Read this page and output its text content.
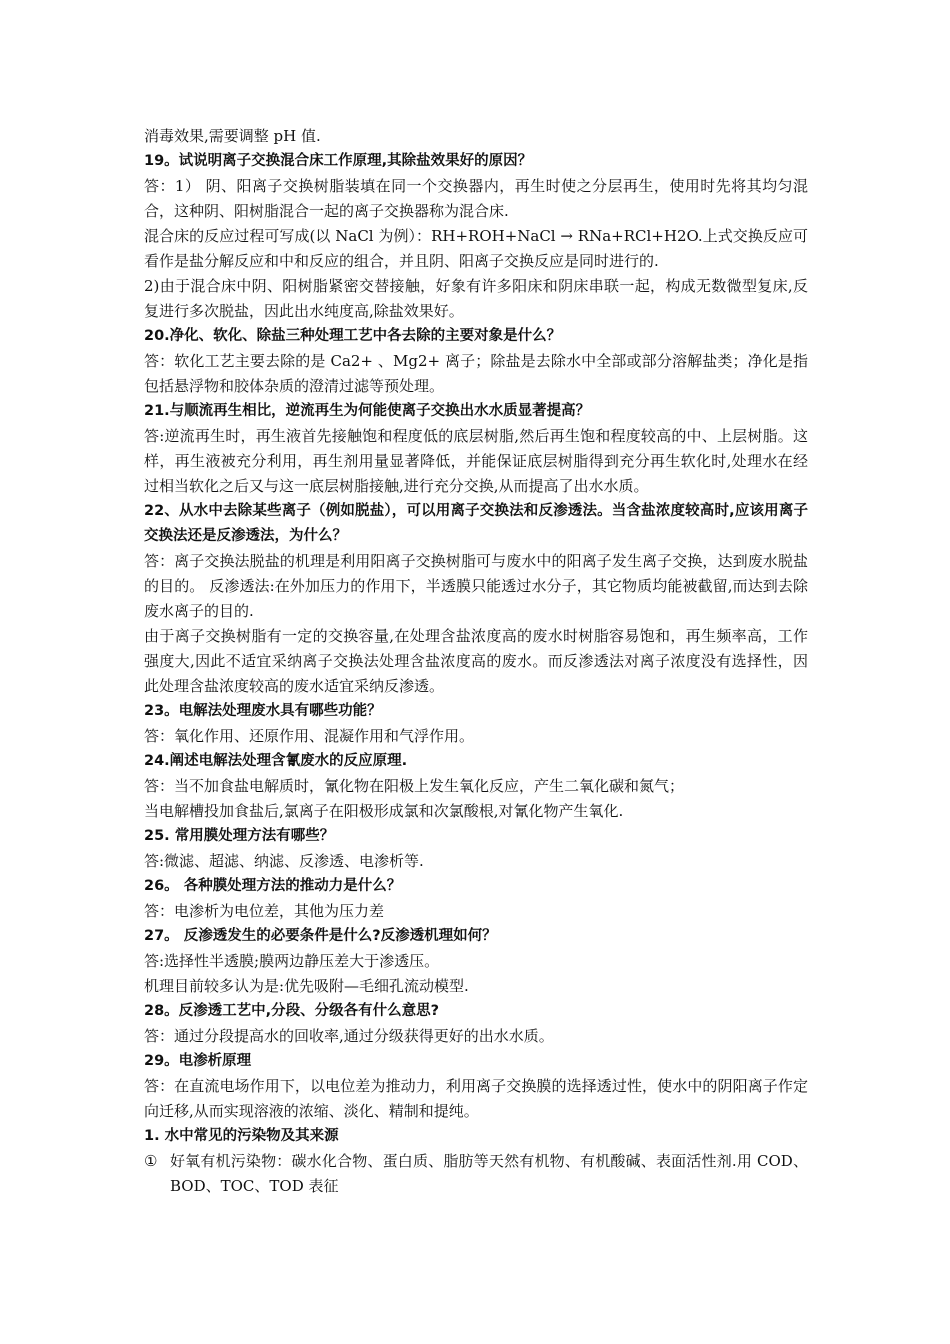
消毒效果,需要调整 pH 值.

19。试说明离子交换混合床工作原理,其除盐效果好的原因？

答：1） 阴、阳离子交换树脂装填在同一个交换器内，再生时使之分层再生，使用时先将其均匀混合，这种阴、阳树脂混合一起的离子交换器称为混合床.

混合床的反应过程可写成(以 NaCl 为例）：RH+ROH+NaCl → RNa+RCl+H2O.上式交换反应可看作是盐分解反应和中和反应的组合，并且阴、阳离子交换反应是同时进行的.

2)由于混合床中阴、阳树脂紧密交替接触，好象有许多阳床和阴床串联一起，构成无数微型复床,反复进行多次脱盐，因此出水纯度高,除盐效果好。

20.净化、软化、除盐三种处理工艺中各去除的主要对象是什么？

答：软化工艺主要去除的是 Ca2+ 、Mg2+ 离子；除盐是去除水中全部或部分溶解盐类；净化是指包括悬浮物和胶体杂质的澄清过滤等预处理。

21.与顺流再生相比，逆流再生为何能使离子交换出水水质显著提高？

答:逆流再生时，再生液首先接触饱和程度低的底层树脂,然后再生饱和程度较高的中、上层树脂。这样，再生液被充分利用，再生剂用量显著降低，并能保证底层树脂得到充分再生软化时,处理水在经过相当软化之后又与这一底层树脂接触,进行充分交换,从而提高了出水水质。

22、从水中去除某些离子（例如脱盐），可以用离子交换法和反渗透法。当含盐浓度较高时,应该用离子交换法还是反渗透法，为什么？

答：离子交换法脱盐的机理是利用阳离子交换树脂可与废水中的阳离子发生离子交换，达到废水脱盐的目的。 反渗透法:在外加压力的作用下，半透膜只能透过水分子，其它物质均能被截留,而达到去除废水离子的目的.

由于离子交换树脂有一定的交换容量,在处理含盐浓度高的废水时树脂容易饱和，再生频率高，工作强度大,因此不适宜采纳离子交换法处理含盐浓度高的废水。而反渗透法对离子浓度没有选择性，因此处理含盐浓度较高的废水适宜采纳反渗透。

23。电解法处理废水具有哪些功能？

答：氧化作用、还原作用、混凝作用和气浮作用。

24.阐述电解法处理含氰废水的反应原理.

答：当不加食盐电解质时，氰化物在阳极上发生氧化反应，产生二氧化碳和氮气；

当电解槽投加食盐后,氯离子在阳极形成氯和次氯酸根,对氰化物产生氧化.

25. 常用膜处理方法有哪些？

答:微滤、超滤、纳滤、反渗透、电渗析等.

26。 各种膜处理方法的推动力是什么？

答：电渗析为电位差，其他为压力差

27。 反渗透发生的必要条件是什么?反渗透机理如何？

答:选择性半透膜;膜两边静压差大于渗透压。

机理目前较多认为是:优先吸附—毛细孔流动模型.

28。反渗透工艺中,分段、分级各有什么意思?

答：通过分段提高水的回收率,通过分级获得更好的出水水质。

29。电渗析原理

答：在直流电场作用下，以电位差为推动力，利用离子交换膜的选择透过性，使水中的阴阳离子作定向迁移,从而实现溶液的浓缩、淡化、精制和提纯。

1. 水中常见的污染物及其来源

① 好氧有机污染物：碳水化合物、蛋白质、脂肪等天然有机物、有机酸碱、表面活性剂.用 COD、BOD、TOC、TOD 表征
